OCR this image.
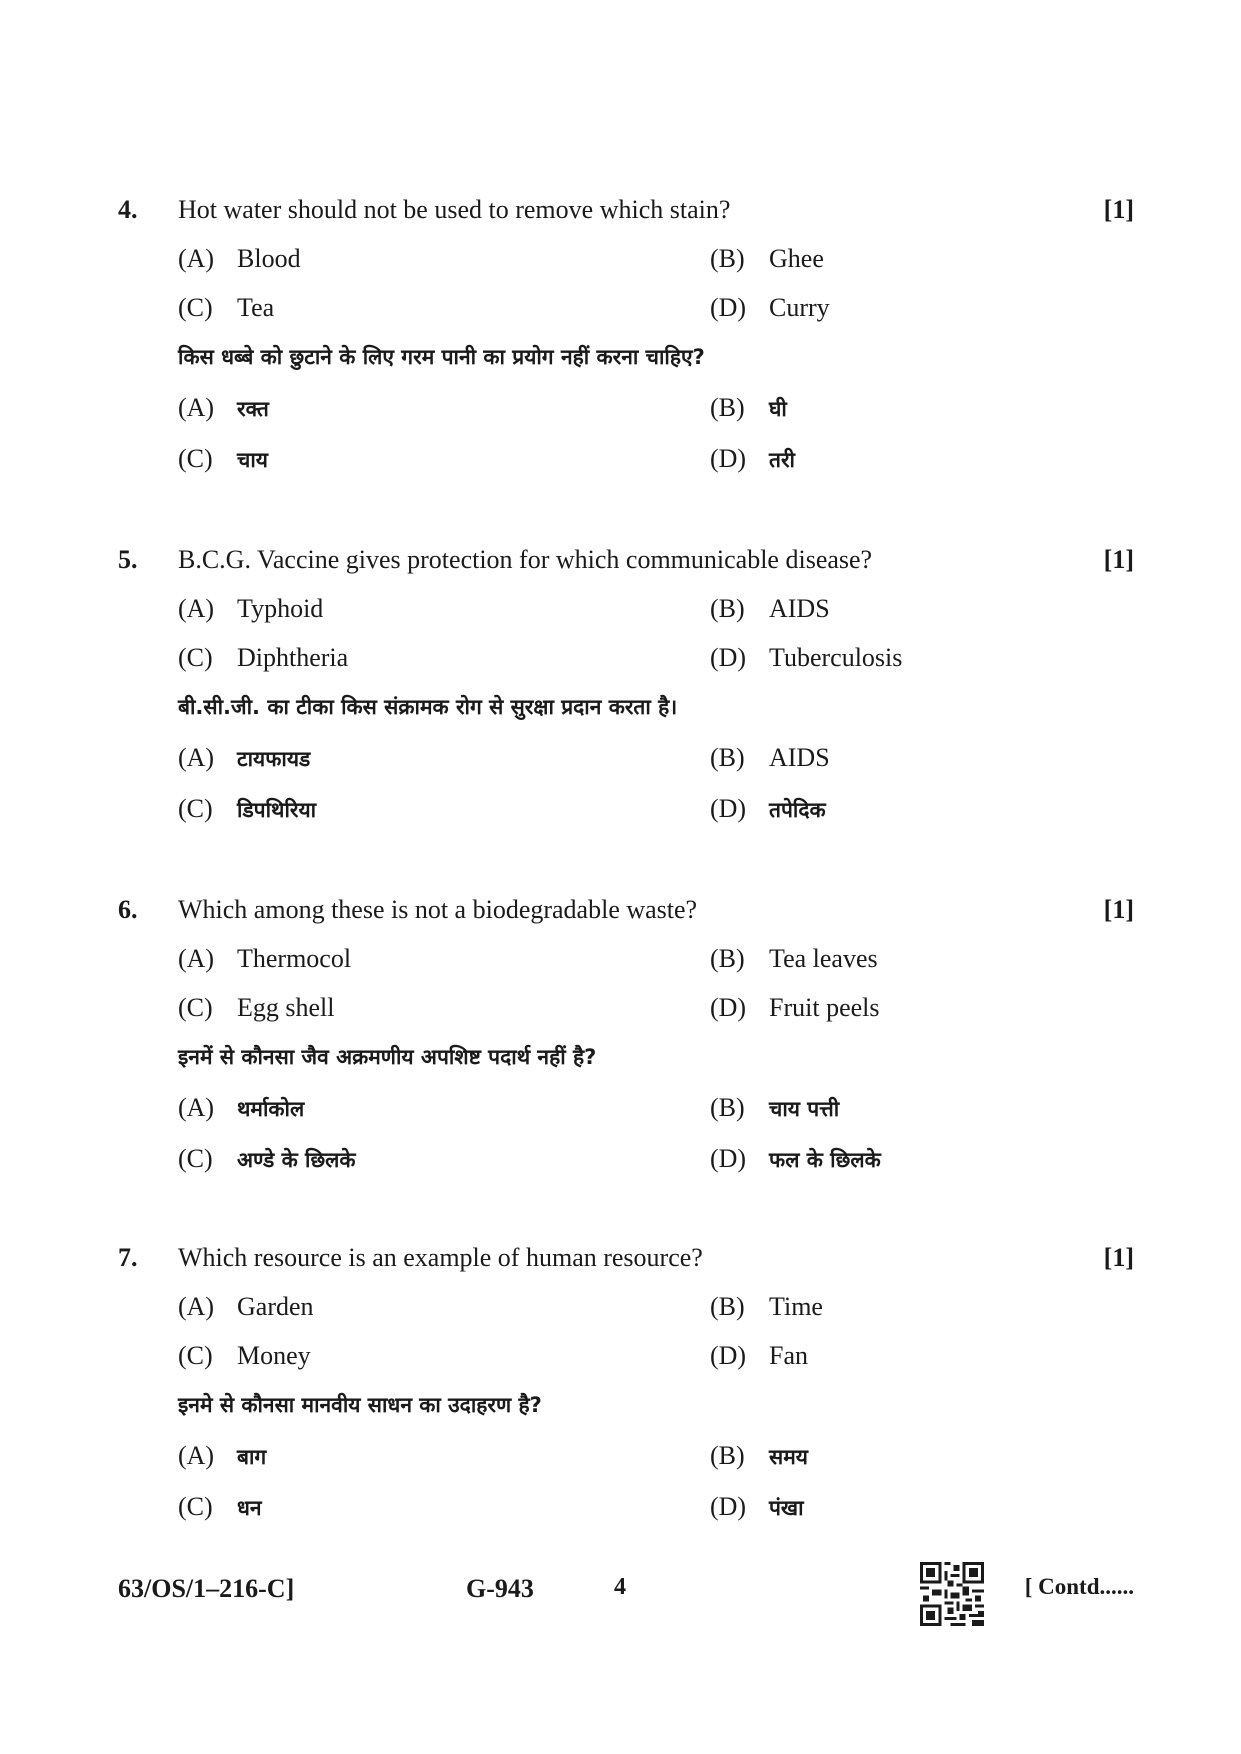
4. Hot water should not be used to remove which stain?	[1]
(A) Blood	(B) Ghee
(C) Tea	(D) Curry
किस धब्बे को छुटाने के लिए गरम पानी का प्रयोग नहीं करना चाहिए?
(A) रक्त	(B) घी
(C) चाय	(D) तरी
5. B.C.G. Vaccine gives protection for which communicable disease?	[1]
(A) Typhoid	(B) AIDS
(C) Diphtheria	(D) Tuberculosis
बी.सी.जी. का टीका किस संक्रामक रोग से सुरक्षा प्रदान करता है।
(A) टायफायड	(B) AIDS
(C) डिपथिरिया	(D) तपेदिक
6. Which among these is not a biodegradable waste?	[1]
(A) Thermocol	(B) Tea leaves
(C) Egg shell	(D) Fruit peels
इनमें से कौनसा जैव अक्रमणीय अपशिष्ट पदार्थ नहीं है?
(A) थर्माकोल	(B) चाय पत्ती
(C) अण्डे के छिलके	(D) फल के छिलके
7. Which resource is an example of human resource?	[1]
(A) Garden	(B) Time
(C) Money	(D) Fan
इनमे से कौनसा मानवीय साधन का उदाहरण है?
(A) बाग	(B) समय
(C) धन	(D) पंखा
63/OS/1–216-C]	G-943	4	[ Contd......
